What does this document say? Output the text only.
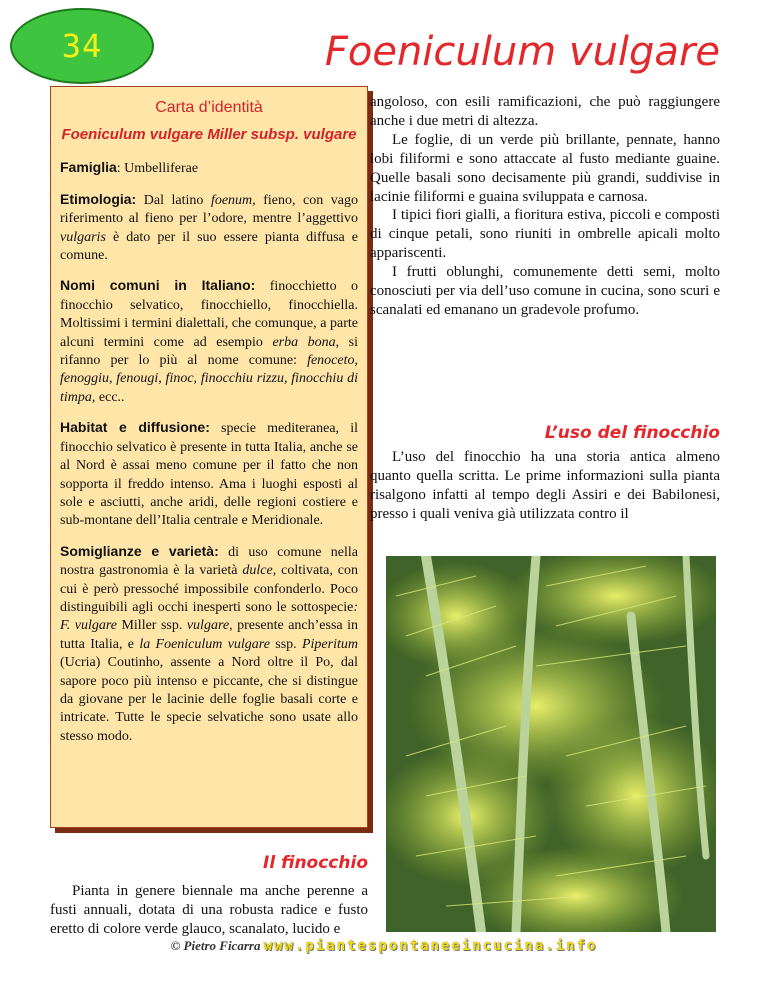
34	Foeniculum vulgare
Carta d’identità
Foeniculum vulgare Miller subsp. vulgare

Famiglia: Umbelliferae

Etimologia: Dal latino foenum, fieno, con vago riferimento al fieno per l’odore, mentre l’aggettivo vulgaris è dato per il suo essere pianta diffusa e comune.

Nomi comuni in Italiano: finocchietto o finocchio selvatico, finocchiello, finocchiella. Moltissimi i termini dialettali, che comunque, a parte alcuni termini come ad esempio erba bona, si rifanno per lo più al nome comune: fenoceto, fenoggiu, fenougi, finoc, finocchiu rizzu, finocchiu di timpa, ecc..

Habitat e diffusione: specie mediteranea, il finocchio selvatico è presente in tutta Italia, anche se al Nord è assai meno comune per il fatto che non sopporta il freddo intenso. Ama i luoghi esposti al sole e asciutti, anche aridi, delle regioni costiere e sub-montane dell’Italia centrale e Meridionale.

Somiglianze e varietà: di uso comune nella nostra gastronomia è la varietà dulce, coltivata, con cui è però pressoché impossibile confonderlo. Poco distinguibili agli occhi inesperti sono le sottospecie: F. vulgare Miller ssp. vulgare, presente anch’essa in tutta Italia, e la Foeniculum vulgare ssp. Piperitum (Ucria) Coutinho, assente a Nord oltre il Po, dal sapore poco più intenso e piccante, che si distingue da giovane per le lacinie delle foglie basali corte e intricate. Tutte le specie selvatiche sono usate allo stesso modo.

Il finocchio

Pianta in genere biennale ma anche perenne a fusti annuali, dotata di una robusta radice e fusto eretto di colore verde glauco, scanalato, lucido e

angoloso, con esili ramificazioni, che può raggiungere anche i due metri di altezza.

Le foglie, di un verde più brillante, pennate, hanno lobi filiformi e sono attaccate al fusto mediante guaine. Quelle basali sono decisamente più grandi, suddivise in lacinie filiformi e guaina sviluppata e carnosa.

I tipici fiori gialli, a fioritura estiva, piccoli e composti di cinque petali, sono riuniti in ombrelle apicali molto appariscenti.

I frutti oblunghi, comunemente detti semi, molto conosciuti per via dell’uso comune in cucina, sono scuri e scanalati ed emanano un gradevole profumo.

L’uso del finocchio

L’uso del finocchio ha una storia antica almeno quanto quella scritta. Le prime informazioni sulla pianta risalgono infatti al tempo degli Assiri e dei Babilonesi, presso i quali veniva già utilizzata contro il

© Pietro Ficarra www.piantespontaneeincucina.info
